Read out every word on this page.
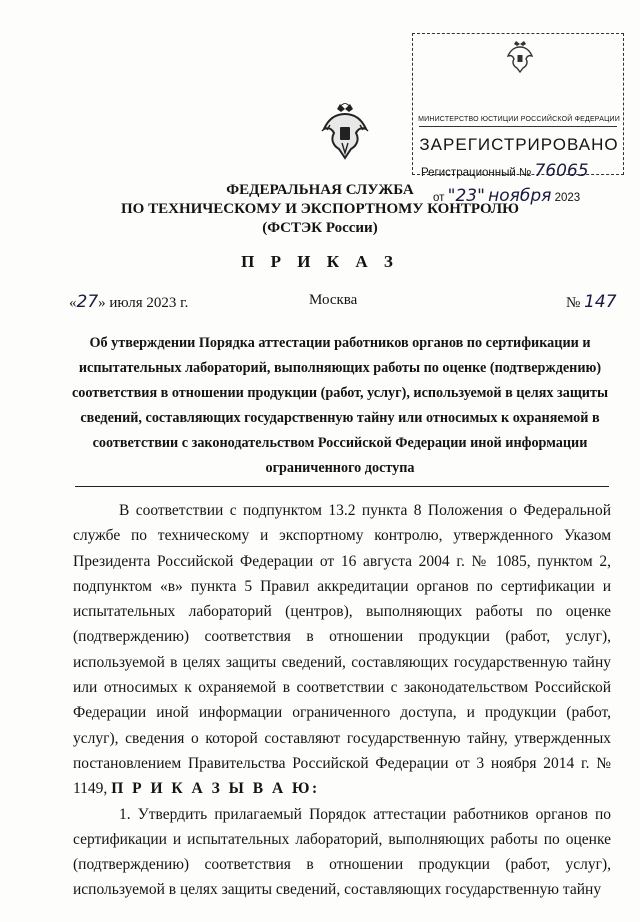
МИНИСТЕРСТВО ЮСТИЦИИ РОССИЙСКОЙ ФЕДЕРАЦИИ
ЗАРЕГИСТРИРОВАНО
Регистрационный № 76065
от "23" ноября 2023
ФЕДЕРАЛЬНАЯ СЛУЖБА
ПО ТЕХНИЧЕСКОМУ И ЭКСПОРТНОМУ КОНТРОЛЮ
(ФСТЭК России)
П Р И К А З
«27» июля 2023 г.	Москва	№ 147
Об утверждении Порядка аттестации работников органов по сертификации и испытательных лабораторий, выполняющих работы по оценке (подтверждению) соответствия в отношении продукции (работ, услуг), используемой в целях защиты сведений, составляющих государственную тайну или относимых к охраняемой в соответствии с законодательством Российской Федерации иной информации ограниченного доступа

В соответствии с подпунктом 13.2 пункта 8 Положения о Федеральной службе по техническому и экспортному контролю, утвержденного Указом Президента Российской Федерации от 16 августа 2004 г. № 1085, пунктом 2, подпунктом «в» пункта 5 Правил аккредитации органов по сертификации и испытательных лабораторий (центров), выполняющих работы по оценке (подтверждению) соответствия в отношении продукции (работ, услуг), используемой в целях защиты сведений, составляющих государственную тайну или относимых к охраняемой в соответствии с законодательством Российской Федерации иной информации ограниченного доступа, и продукции (работ, услуг), сведения о которой составляют государственную тайну, утвержденных постановлением Правительства Российской Федерации от 3 ноября 2014 г. № 1149, П Р И К А З Ы В А Ю:

1. Утвердить прилагаемый Порядок аттестации работников органов по сертификации и испытательных лабораторий, выполняющих работы по оценке (подтверждению) соответствия в отношении продукции (работ, услуг), используемой в целях защиты сведений, составляющих государственную тайну
